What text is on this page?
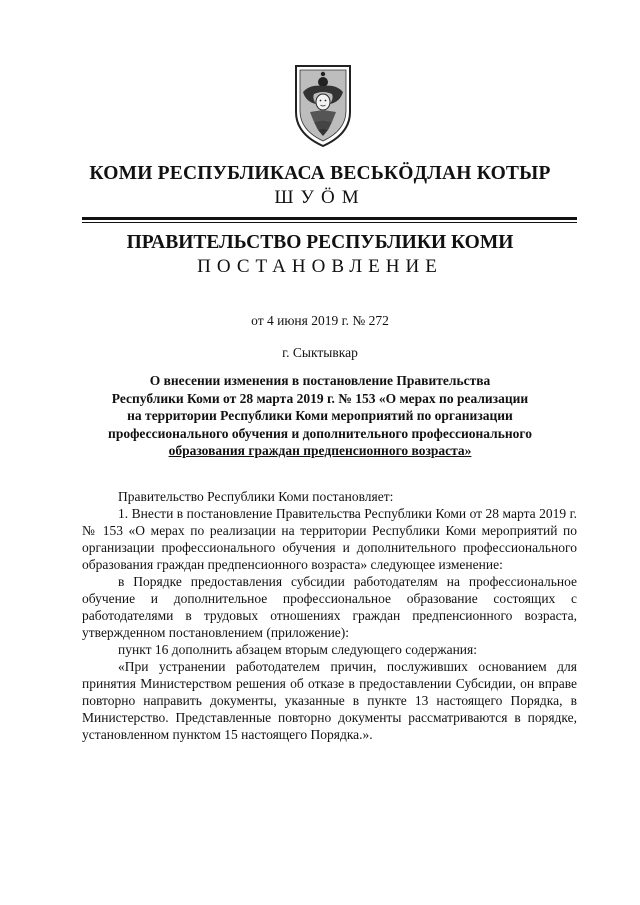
КОМИ РЕСПУБЛИКАСА ВЕСЬКӦДЛАН КОТЫР
ШУӦМ
ПРАВИТЕЛЬСТВО РЕСПУБЛИКИ КОМИ
ПОСТАНОВЛЕНИЕ
от 4 июня 2019 г. № 272
г. Сыктывкар
О внесении изменения в постановление Правительства
Республики Коми от 28 марта 2019 г. № 153 «О мерах по реализации
на территории Республики Коми мероприятий по организации
профессионального обучения и дополнительного профессионального
образования граждан предпенсионного возраста»

Правительство Республики Коми постановляет:

1. Внести в постановление Правительства Республики Коми от 28 марта 2019 г. № 153 «О мерах по реализации на территории Республики Коми мероприятий по организации профессионального обучения и дополнительного профессионального образования граждан предпенсионного возраста» следующее изменение:

в Порядке предоставления субсидии работодателям на профессиональное обучение и дополнительное профессиональное образование состоящих с работодателями в трудовых отношениях граждан предпенсионного возраста, утвержденном постановлением (приложение):

пункт 16 дополнить абзацем вторым следующего содержания:

«При устранении работодателем причин, послуживших основанием для принятия Министерством решения об отказе в предоставлении Субсидии, он вправе повторно направить документы, указанные в пункте 13 настоящего Порядка, в Министерство. Представленные повторно документы рассматриваются в порядке, установленном пунктом 15 настоящего Порядка.».
